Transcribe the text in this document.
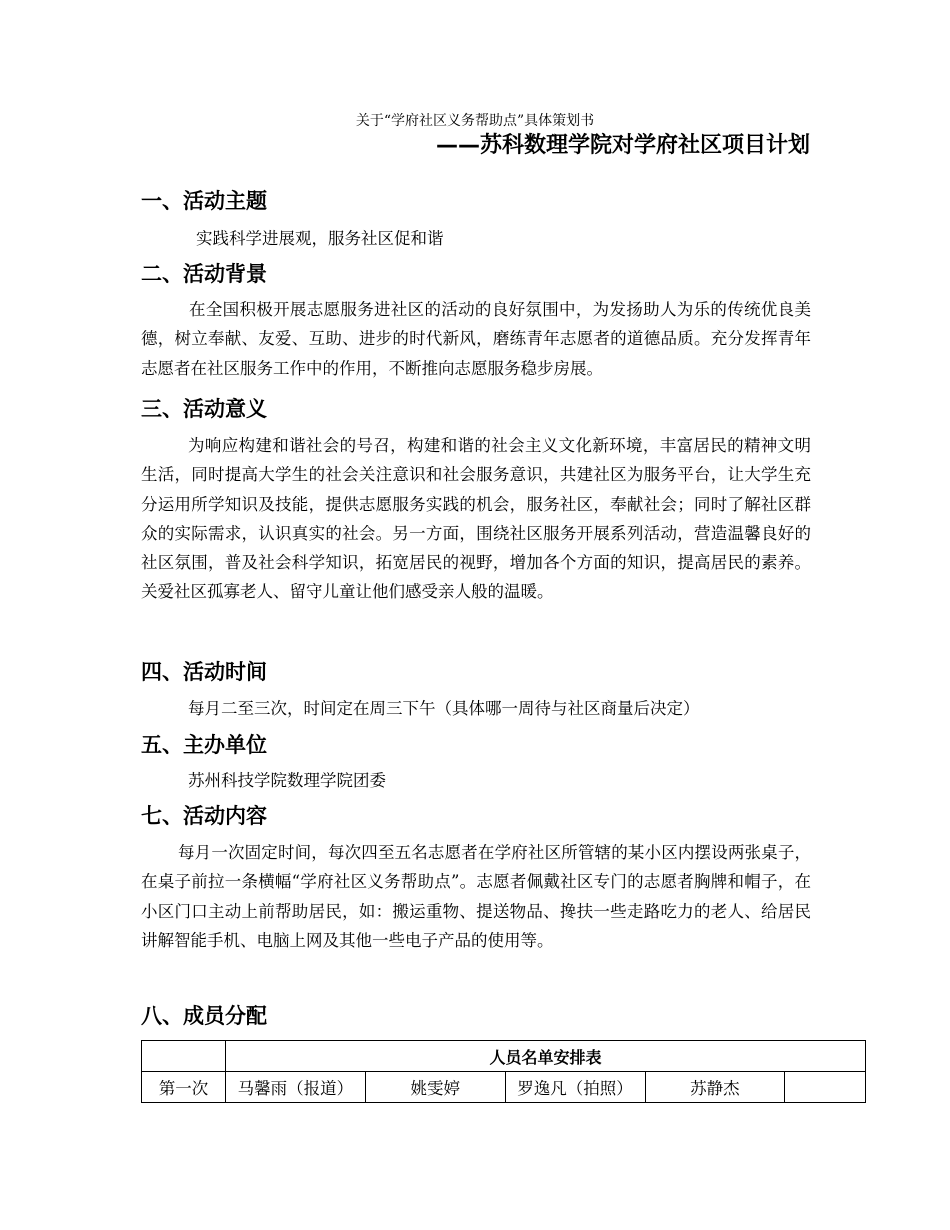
关于“学府社区义务帮助点”具体策划书
——苏科数理学院对学府社区项目计划
一、活动主题
实践科学进展观，服务社区促和谐
二、活动背景

在全国积极开展志愿服务进社区的活动的良好氛围中，为发扬助人为乐的传统优良美德，树立奉献、友爱、互助、进步的时代新风，磨练青年志愿者的道德品质。充分发挥青年志愿者在社区服务工作中的作用，不断推向志愿服务稳步房展。

三、活动意义

为响应构建和谐社会的号召，构建和谐的社会主义文化新环境，丰富居民的精神文明生活，同时提高大学生的社会关注意识和社会服务意识，共建社区为服务平台，让大学生充分运用所学知识及技能，提供志愿服务实践的机会，服务社区，奉献社会；同时了解社区群众的实际需求，认识真实的社会。另一方面，围绕社区服务开展系列活动，营造温馨良好的社区氛围，普及社会科学知识，拓宽居民的视野，增加各个方面的知识，提高居民的素养。关爱社区孤寡老人、留守儿童让他们感受亲人般的温暖。

四、活动时间
每月二至三次，时间定在周三下午（具体哪一周待与社区商量后决定）
五、主办单位
苏州科技学院数理学院团委
七、活动内容

每月一次固定时间，每次四至五名志愿者在学府社区所管辖的某小区内摆设两张桌子，在桌子前拉一条横幅“学府社区义务帮助点”。志愿者佩戴社区专门的志愿者胸牌和帽子，在小区门口主动上前帮助居民，如：搬运重物、提送物品、搀扶一些走路吃力的老人、给居民讲解智能手机、电脑上网及其他一些电子产品的使用等。

八、成员分配
	人员名单安排表				
第一次	马馨雨（报道）	姚雯婷	罗逸凡（拍照）	苏静杰	
